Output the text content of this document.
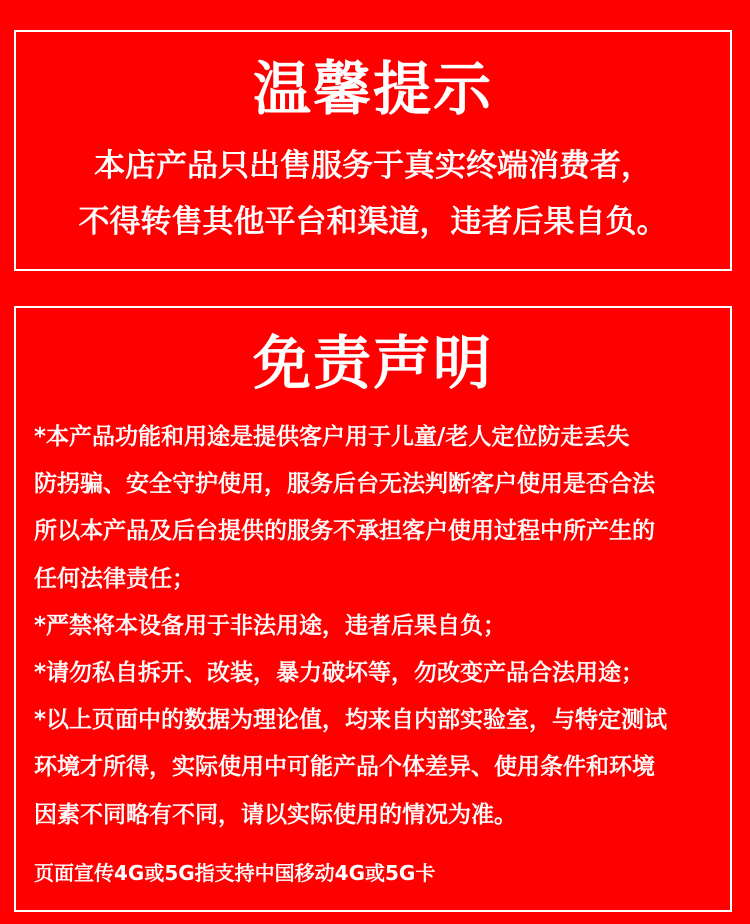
温馨提示
本店产品只出售服务于真实终端消费者，
不得转售其他平台和渠道，违者后果自负。
免责声明
*本产品功能和用途是提供客户用于儿童/老人定位防走丢失
防拐骗、安全守护使用，服务后台无法判断客户使用是否合法
所以本产品及后台提供的服务不承担客户使用过程中所产生的
任何法律责任；
*严禁将本设备用于非法用途，违者后果自负；
*请勿私自拆开、改装，暴力破坏等，勿改变产品合法用途；
*以上页面中的数据为理论值，均来自内部实验室，与特定测试
环境才所得，实际使用中可能产品个体差异、使用条件和环境
因素不同略有不同，请以实际使用的情况为准。
页面宣传4G或5G指支持中国移动4G或5G卡
